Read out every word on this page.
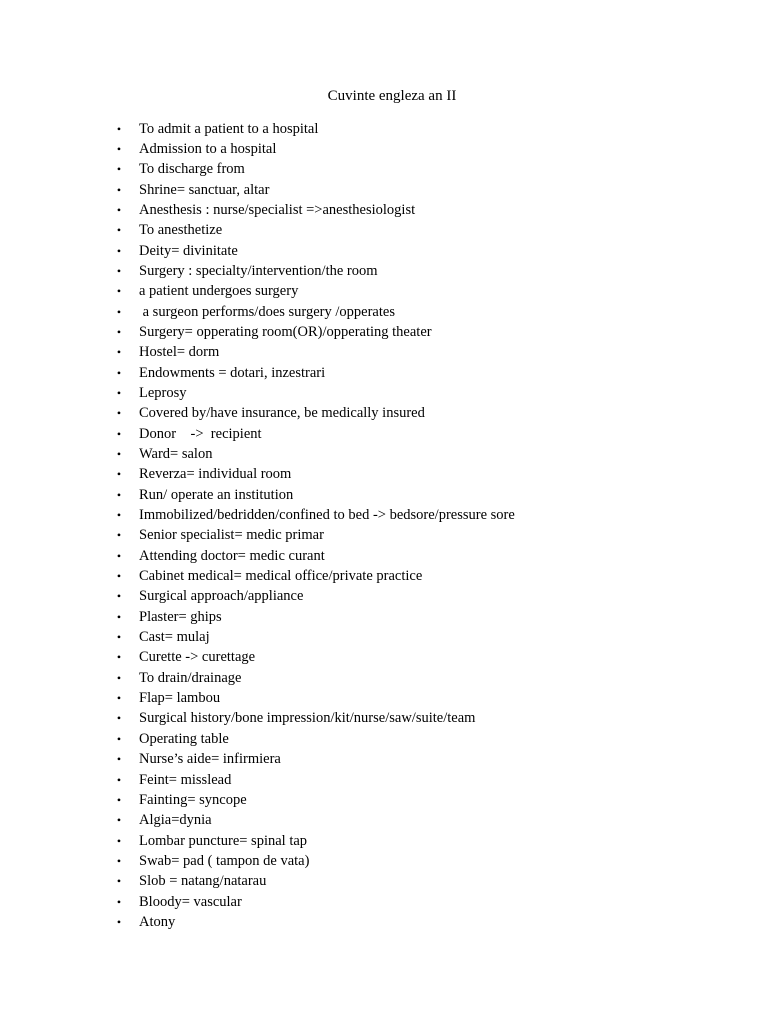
Cuvinte engleza an II
• To admit a patient to a hospital
• Admission to a hospital
• To discharge from
• Shrine= sanctuar, altar
• Anesthesis : nurse/specialist =>anesthesiologist
• To anesthetize
• Deity= divinitate
• Surgery : specialty/intervention/the room
• a patient undergoes surgery
• a surgeon performs/does surgery /opperates
• Surgery= opperating room(OR)/opperating theater
• Hostel= dorm
• Endowments = dotari, inzestrari
• Leprosy
• Covered by/have insurance, be medically insured
• Donor    ->  recipient
• Ward= salon
• Reverza= individual room
• Run/ operate an institution
• Immobilized/bedridden/confined to bed -> bedsore/pressure sore
• Senior specialist= medic primar
• Attending doctor= medic curant
• Cabinet medical= medical office/private practice
• Surgical approach/appliance
• Plaster= ghips
• Cast= mulaj
• Curette -> curettage
• To drain/drainage
• Flap= lambou
• Surgical history/bone impression/kit/nurse/saw/suite/team
• Operating table
• Nurse’s aide= infirmiera
• Feint= misslead
• Fainting= syncope
• Algia=dynia
• Lombar puncture= spinal tap
• Swab= pad ( tampon de vata)
• Slob = natang/natarau
• Bloody= vascular
• Atony
